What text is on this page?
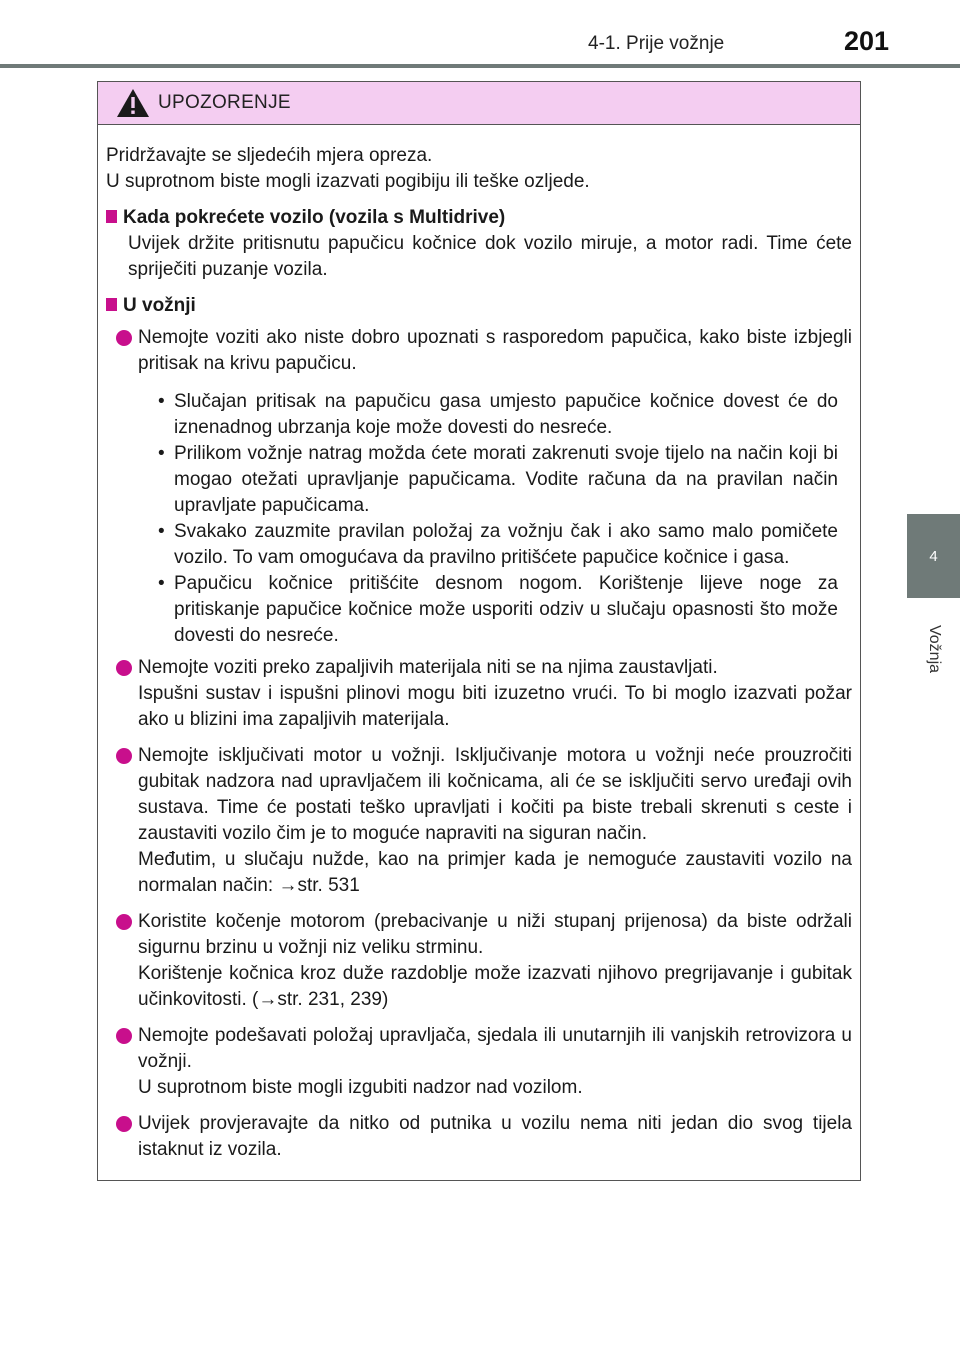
4-1. Prije vožnje	201
4
Vožnja
UPOZORENJE

Pridržavajte se sljedećih mjera opreza.

U suprotnom biste mogli izazvati pogibiju ili teške ozljede.

Kada pokrećete vozilo (vozila s Multidrive)
Uvijek držite pritisnutu papučicu kočnice dok vozilo miruje, a motor radi. Time ćete spriječiti puzanje vozila.
U vožnji
Nemojte voziti ako niste dobro upoznati s rasporedom papučica, kako biste izbjegli pritisak na krivu papučicu.
• Slučajan pritisak na papučicu gasa umjesto papučice kočnice dovest će do iznenadnog ubrzanja koje može dovesti do nesreće.
• Prilikom vožnje natrag možda ćete morati zakrenuti svoje tijelo na način koji bi mogao otežati upravljanje papučicama. Vodite računa da na pravilan način upravljate papučicama.
• Svakako zauzmite pravilan položaj za vožnju čak i ako samo malo pomičete vozilo. To vam omogućava da pravilno pritišćete papučice kočnice i gasa.
• Papučicu kočnice pritišćite desnom nogom. Korištenje lijeve noge za pritiskanje papučice kočnice može usporiti odziv u slučaju opasnosti što može dovesti do nesreće.
Nemojte voziti preko zapaljivih materijala niti se na njima zaustavljati.
Ispušni sustav i ispušni plinovi mogu biti izuzetno vrući. To bi moglo izazvati požar ako u blizini ima zapaljivih materijala.
Nemojte isključivati motor u vožnji. Isključivanje motora u vožnji neće prouzročiti gubitak nadzora nad upravljačem ili kočnicama, ali će se isključiti servo uređaji ovih sustava. Time će postati teško upravljati i kočiti pa biste trebali skrenuti s ceste i zaustaviti vozilo čim je to moguće napraviti na siguran način.
Međutim, u slučaju nužde, kao na primjer kada je nemoguće zaustaviti vozilo na normalan način: →str. 531
Koristite kočenje motorom (prebacivanje u niži stupanj prijenosa) da biste održali sigurnu brzinu u vožnji niz veliku strminu.
Korištenje kočnica kroz duže razdoblje može izazvati njihovo pregrijavanje i gubitak učinkovitosti. (→str. 231, 239)
Nemojte podešavati položaj upravljača, sjedala ili unutarnjih ili vanjskih retrovizora u vožnji.
U suprotnom biste mogli izgubiti nadzor nad vozilom.
Uvijek provjeravajte da nitko od putnika u vozilu nema niti jedan dio svog tijela istaknut iz vozila.
